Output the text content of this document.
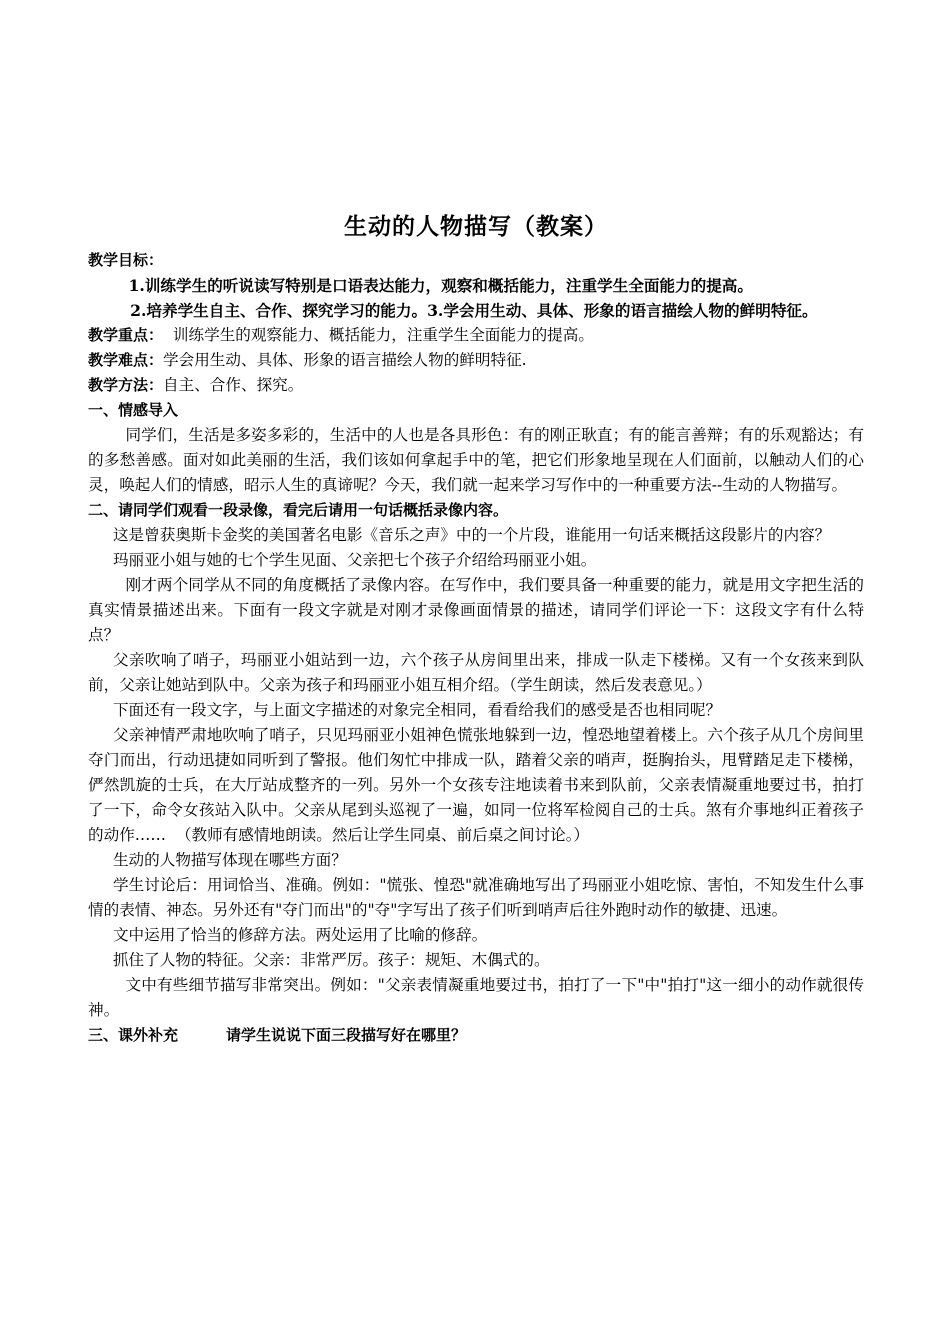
生动的人物描写（教案）

教学目标：

1.训练学生的听说读写特别是口语表达能力，观察和概括能力，注重学生全面能力的提高。

2.培养学生自主、合作、探究学习的能力。3.学会用生动、具体、形象的语言描绘人物的鲜明特征。

教学重点：  训练学生的观察能力、概括能力，注重学生全面能力的提高。

教学难点：学会用生动、具体、形象的语言描绘人物的鲜明特征.

教学方法：自主、合作、探究。

一、情感导入

同学们，生活是多姿多彩的，生活中的人也是各具形色：有的刚正耿直；有的能言善辩；有的乐观豁达；有的多愁善感。面对如此美丽的生活，我们该如何拿起手中的笔，把它们形象地呈现在人们面前，以触动人们的心灵，唤起人们的情感，昭示人生的真谛呢？今天，我们就一起来学习写作中的一种重要方法--生动的人物描写。

二、请同学们观看一段录像，看完后请用一句话概括录像内容。

这是曾获奥斯卡金奖的美国著名电影《音乐之声》中的一个片段，谁能用一句话来概括这段影片的内容？

玛丽亚小姐与她的七个学生见面、父亲把七个孩子介绍给玛丽亚小姐。

刚才两个同学从不同的角度概括了录像内容。在写作中，我们要具备一种重要的能力，就是用文字把生活的真实情景描述出来。下面有一段文字就是对刚才录像画面情景的描述，请同学们评论一下：这段文字有什么特点？

父亲吹响了哨子，玛丽亚小姐站到一边，六个孩子从房间里出来，排成一队走下楼梯。又有一个女孩来到队前，父亲让她站到队中。父亲为孩子和玛丽亚小姐互相介绍。（学生朗读，然后发表意见。）

下面还有一段文字，与上面文字描述的对象完全相同，看看给我们的感受是否也相同呢？

父亲神情严肃地吹响了哨子，只见玛丽亚小姐神色慌张地躲到一边，惶恐地望着楼上。六个孩子从几个房间里夺门而出，行动迅捷如同听到了警报。他们匆忙中排成一队，踏着父亲的哨声，挺胸抬头，甩臂踏足走下楼梯，俨然凯旋的士兵，在大厅站成整齐的一列。另外一个女孩专注地读着书来到队前，父亲表情凝重地要过书，拍打了一下，命令女孩站入队中。父亲从尾到头巡视了一遍，如同一位将军检阅自己的士兵。煞有介事地纠正着孩子的动作……  （教师有感情地朗读。然后让学生同桌、前后桌之间讨论。）

生动的人物描写体现在哪些方面？

学生讨论后：用词恰当、准确。例如："慌张、惶恐"就准确地写出了玛丽亚小姐吃惊、害怕，不知发生什么事情的表情、神态。另外还有"夺门而出"的"夺"字写出了孩子们听到哨声后往外跑时动作的敏捷、迅速。

文中运用了恰当的修辞方法。两处运用了比喻的修辞。

抓住了人物的特征。父亲：非常严厉。孩子：规矩、木偶式的。

文中有些细节描写非常突出。例如："父亲表情凝重地要过书，拍打了一下"中"拍打"这一细小的动作就很传神。

三、课外补充	请学生说说下面三段描写好在哪里？
